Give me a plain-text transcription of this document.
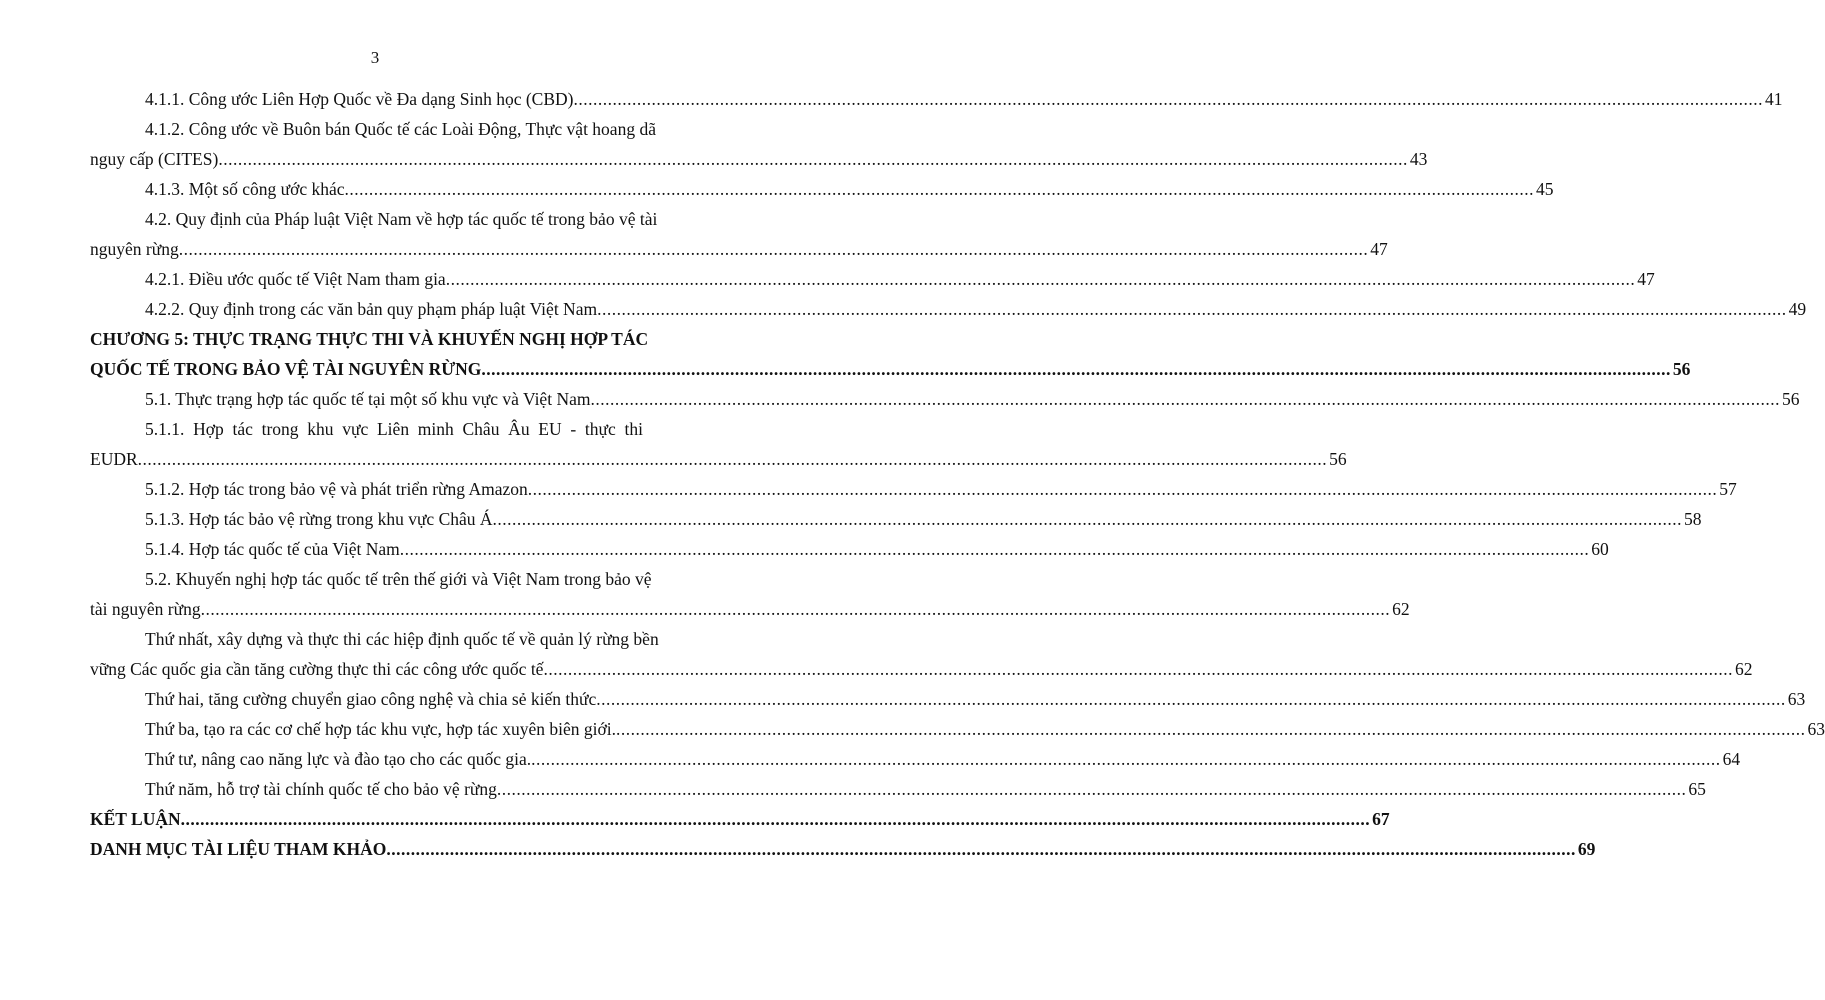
3
4.1.1. Công ước Liên Hợp Quốc về Đa dạng Sinh học (CBD) .................................................................................................................................................................................................................................................... 41
4.1.2. Công ước về Buôn bán Quốc tế các Loài Động, Thực vật hoang dã
nguy cấp (CITES) .................................................................................................................................................................................................................................................... 43
4.1.3. Một số công ước khác .................................................................................................................................................................................................................................................... 45
4.2. Quy định của Pháp luật Việt Nam về hợp tác quốc tế trong bảo vệ tài
nguyên rừng .................................................................................................................................................................................................................................................... 47
4.2.1. Điều ước quốc tế Việt Nam tham gia .................................................................................................................................................................................................................................................... 47
4.2.2. Quy định trong các văn bản quy phạm pháp luật Việt Nam .................................................................................................................................................................................................................................................... 49
CHƯƠNG 5: THỰC TRẠNG THỰC THI VÀ KHUYẾN NGHỊ HỢP TÁC
QUỐC TẾ TRONG BẢO VỆ TÀI NGUYÊN RỪNG .................................................................................................................................................................................................................................................... 56
5.1. Thực trạng hợp tác quốc tế tại một số khu vực và Việt Nam .................................................................................................................................................................................................................................................... 56
5.1.1. Hợp tác trong khu vực Liên minh Châu Âu EU - thực thi
EUDR .................................................................................................................................................................................................................................................... 56
5.1.2. Hợp tác trong bảo vệ và phát triển rừng Amazon .................................................................................................................................................................................................................................................... 57
5.1.3. Hợp tác bảo vệ rừng trong khu vực Châu Á .................................................................................................................................................................................................................................................... 58
5.1.4. Hợp tác quốc tế của Việt Nam .................................................................................................................................................................................................................................................... 60
5.2. Khuyến nghị hợp tác quốc tế trên thế giới và Việt Nam trong bảo vệ
tài nguyên rừng .................................................................................................................................................................................................................................................... 62
Thứ nhất, xây dựng và thực thi các hiệp định quốc tế về quản lý rừng bền
vững Các quốc gia cần tăng cường thực thi các công ước quốc tế .................................................................................................................................................................................................................................................... 62
Thứ hai, tăng cường chuyển giao công nghệ và chia sẻ kiến thức .................................................................................................................................................................................................................................................... 63
Thứ ba, tạo ra các cơ chế hợp tác khu vực, hợp tác xuyên biên giới. .................................................................................................................................................................................................................................................... 63
Thứ tư, nâng cao năng lực và đào tạo cho các quốc gia. .................................................................................................................................................................................................................................................... 64
Thứ năm, hỗ trợ tài chính quốc tế cho bảo vệ rừng .................................................................................................................................................................................................................................................... 65
KẾT LUẬN .................................................................................................................................................................................................................................................... 67
DANH MỤC TÀI LIỆU THAM KHẢO .................................................................................................................................................................................................................................................... 69
